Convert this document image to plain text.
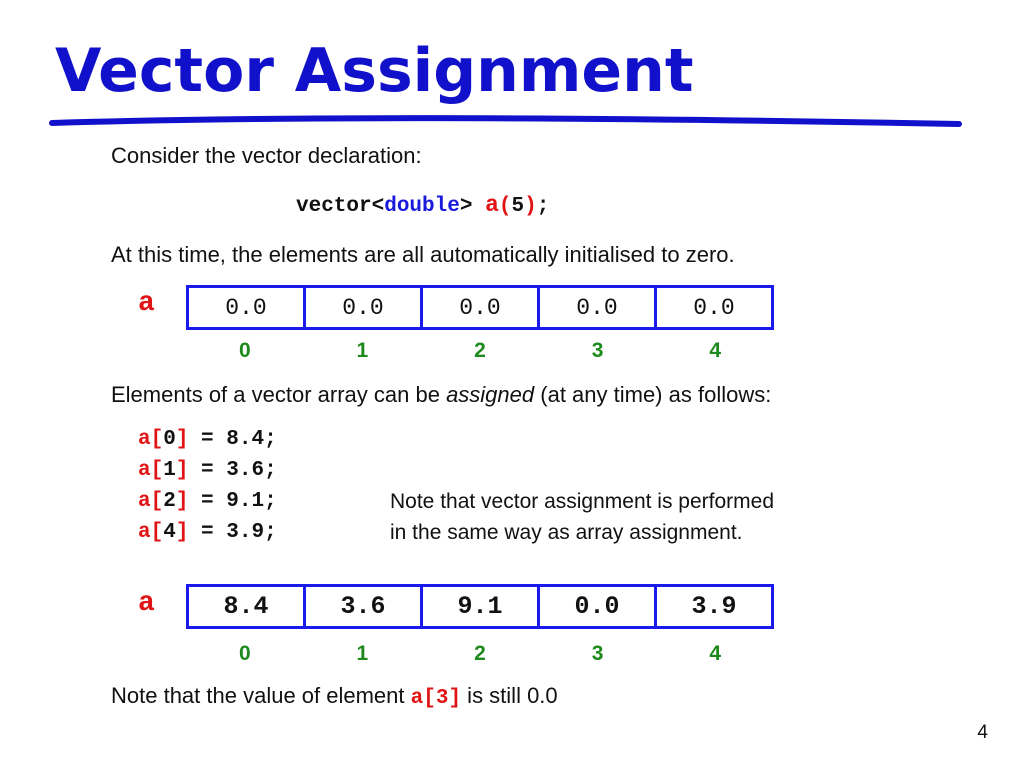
Vector Assignment
Consider the vector declaration:
vector<double> a(5);
At this time, the elements are all automatically initialised to zero.
a	0.0	0.0	0.0	0.0	0.0
0	1	2	3	4
Elements of a vector array can be assigned (at any time) as follows:
a[0] = 8.4;
a[1] = 3.6;
a[2] = 9.1;
a[4] = 3.9;
Note that vector assignment is performed
in the same way as array assignment.
a	8.4	3.6	9.1	0.0	3.9
0	1	2	3	4
Note that the value of element a[3] is still 0.0
4
